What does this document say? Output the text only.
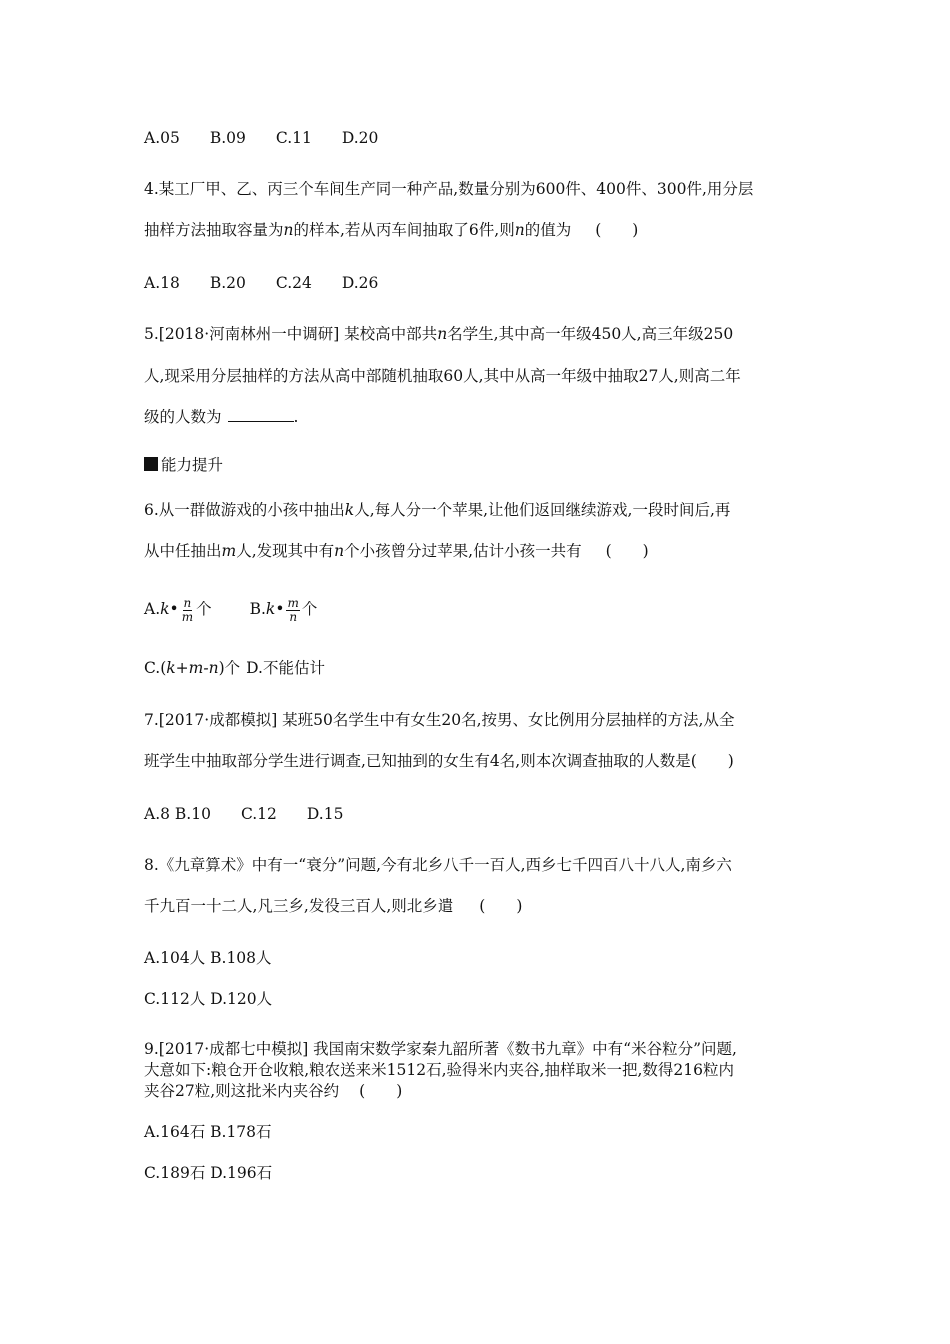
A.05 B.09 C.11 D.20
4.某工厂甲、乙、丙三个车间生产同一种产品,数量分别为600件、400件、300件,用分层
抽样方法抽取容量为n的样本,若从丙车间抽取了6件,则n的值为 (　　)
A.18 B.20 C.24 D.26
5.[2018·河南林州一中调研] 某校高中部共n名学生,其中高一年级450人,高三年级250
人,现采用分层抽样的方法从高中部随机抽取60人,其中从高一年级中抽取27人,则高二年
级的人数为	.
能力提升
6.从一群做游戏的小孩中抽出k人,每人分一个苹果,让他们返回继续游戏,一段时间后,再
从中任抽出m人,发现其中有n个小孩曾分过苹果,估计小孩一共有 (　　)
A.k• $\frac{n}{m}$ 个 B.k• $\frac{m}{n}$ 个
C.(k+m-n)个 D.不能估计
7.[2017·成都模拟] 某班50名学生中有女生20名,按男、女比例用分层抽样的方法,从全
班学生中抽取部分学生进行调查,已知抽到的女生有4名,则本次调查抽取的人数是(　　)
A.8 B.10 C.12 D.15
8.《九章算术》中有一“衰分”问题,今有北乡八千一百人,西乡七千四百八十八人,南乡六
千九百一十二人,凡三乡,发役三百人,则北乡遣 (　　)
A.104人 B.108人
C.112人 D.120人
9.[2017·成都七中模拟] 我国南宋数学家秦九韶所著《数书九章》中有“米谷粒分”问题,
大意如下:粮仓开仓收粮,粮农送来米1512石,验得米内夹谷,抽样取米一把,数得216粒内
夹谷27粒,则这批米内夹谷约 (　　)
A.164石 B.178石
C.189石 D.196石
